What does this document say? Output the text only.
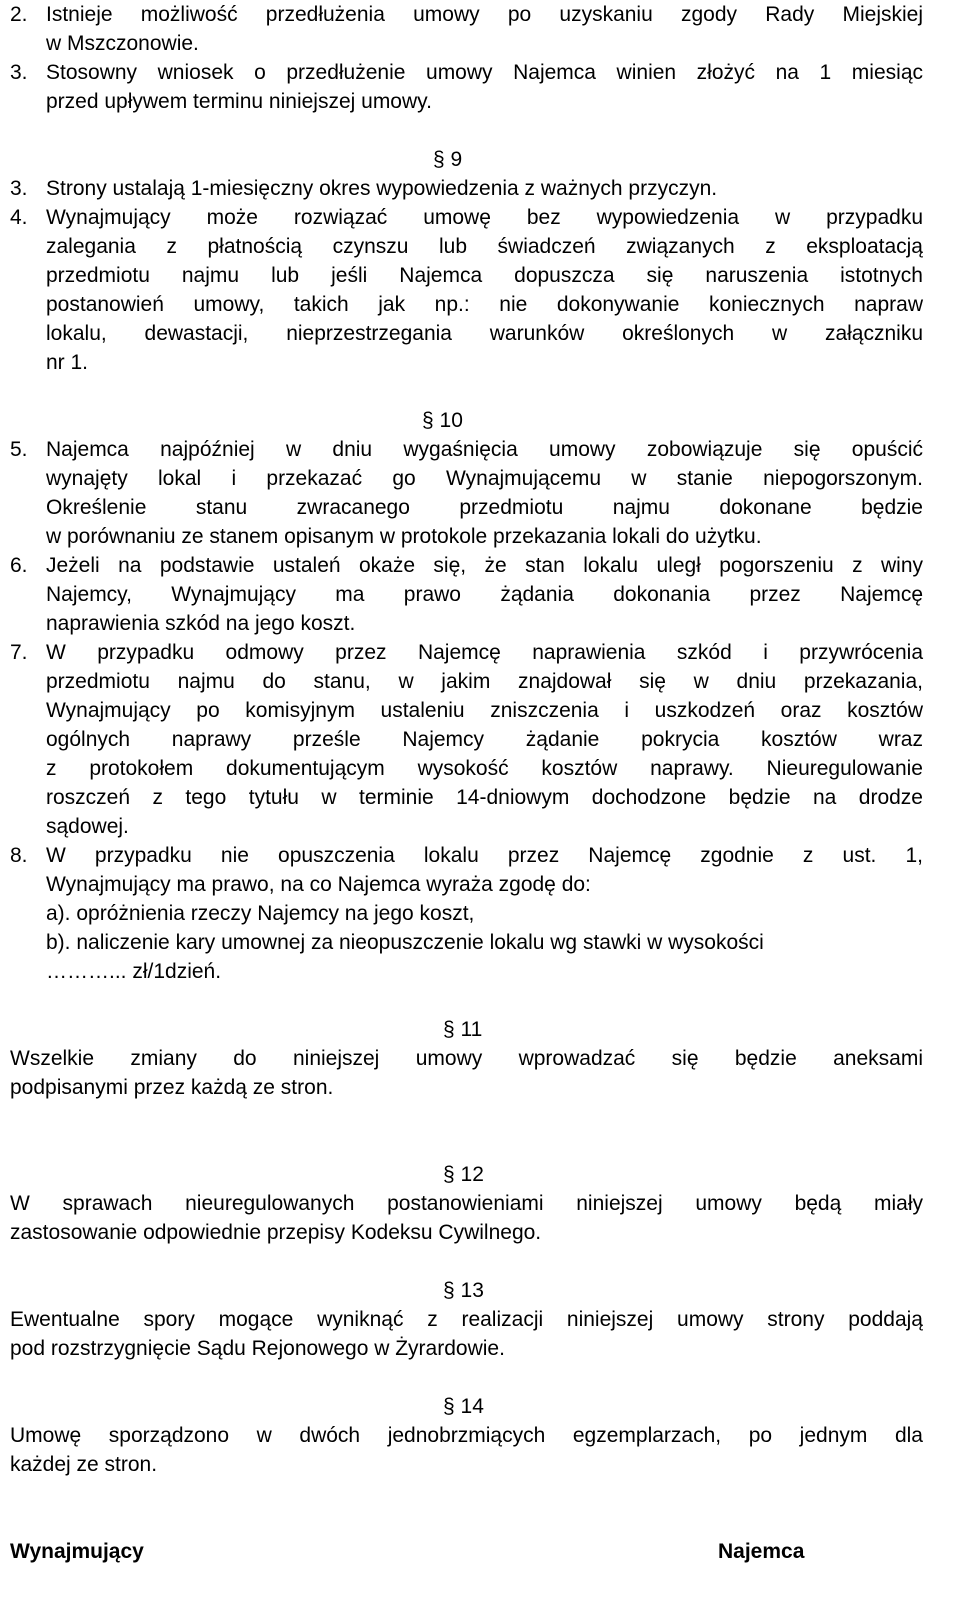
2. Istnieje możliwość przedłużenia umowy po uzyskaniu zgody Rady Miejskiej
w Mszczonowie.
3. Stosowny wniosek o przedłużenie umowy Najemca winien złożyć na 1 miesiąc
przed upływem terminu niniejszej umowy.
§ 9
3. Strony ustalają 1-miesięczny okres wypowiedzenia z ważnych przyczyn.
4. Wynajmujący może rozwiązać umowę bez wypowiedzenia w przypadku
zalegania z płatnością czynszu lub świadczeń związanych z eksploatacją
przedmiotu najmu lub jeśli Najemca dopuszcza się naruszenia istotnych
postanowień umowy, takich jak np.: nie dokonywanie koniecznych napraw
lokalu, dewastacji, nieprzestrzegania warunków określonych w załączniku
nr 1.
§ 10
5. Najemca najpóźniej w dniu wygaśnięcia umowy zobowiązuje się opuścić
wynajęty lokal i przekazać go Wynajmującemu w stanie niepogorszonym.
Określenie stanu zwracanego przedmiotu najmu dokonane będzie
w porównaniu ze stanem opisanym w protokole przekazania lokali do użytku.
6. Jeżeli na podstawie ustaleń okaże się, że stan lokalu uległ pogorszeniu z winy
Najemcy, Wynajmujący ma prawo żądania dokonania przez Najemcę
naprawienia szkód na jego koszt.
7. W przypadku odmowy przez Najemcę naprawienia szkód i przywrócenia
przedmiotu najmu do stanu, w jakim znajdował się w dniu przekazania,
Wynajmujący po komisyjnym ustaleniu zniszczenia i uszkodzeń oraz kosztów
ogólnych naprawy prześle Najemcy żądanie pokrycia kosztów wraz
z protokołem dokumentującym wysokość kosztów naprawy. Nieuregulowanie
roszczeń z tego tytułu w terminie 14-dniowym dochodzone będzie na drodze
sądowej.
8. W przypadku nie opuszczenia lokalu przez Najemcę zgodnie z ust. 1,
Wynajmujący ma prawo, na co Najemca wyraża zgodę do:
a). opróżnienia rzeczy Najemcy na jego koszt,
b). naliczenie kary umownej za nieopuszczenie lokalu wg stawki w wysokości
………... zł/1dzień.
§ 11
Wszelkie zmiany do niniejszej umowy wprowadzać się będzie aneksami
podpisanymi przez każdą ze stron.
§ 12
W sprawach nieuregulowanych postanowieniami niniejszej umowy będą miały
zastosowanie odpowiednie przepisy Kodeksu Cywilnego.
§ 13
Ewentualne spory mogące wyniknąć z realizacji niniejszej umowy strony poddają
pod rozstrzygnięcie Sądu Rejonowego w Żyrardowie.
§ 14
Umowę sporządzono w dwóch jednobrzmiących egzemplarzach, po jednym dla
każdej ze stron.
Wynajmujący	Najemca
